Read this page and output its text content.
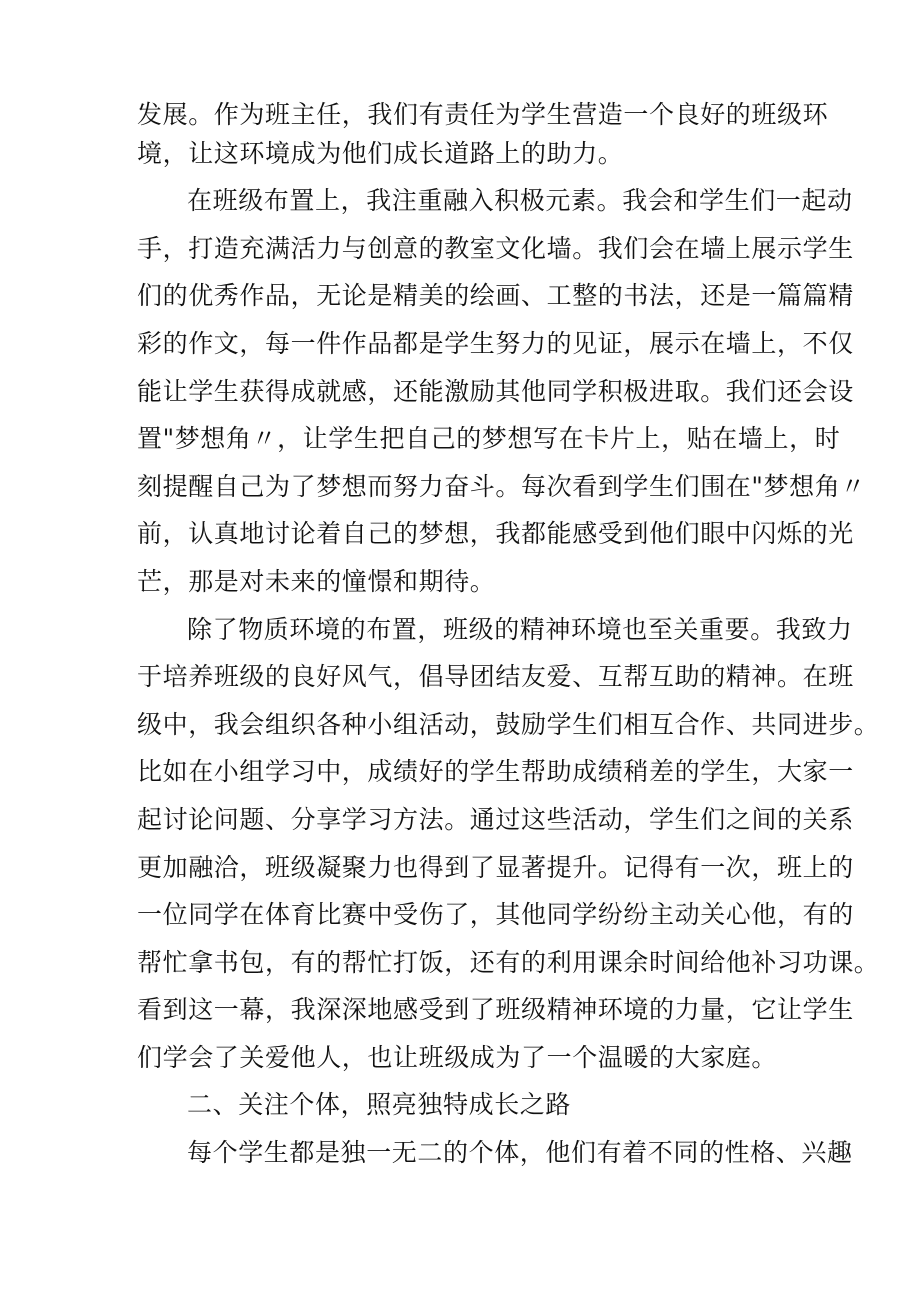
发展。作为班主任，我们有责任为学生营造一个良好的班级环
境，让这环境成为他们成长道路上的助力。
在班级布置上，我注重融入积极元素。我会和学生们一起动
手，打造充满活力与创意的教室文化墙。我们会在墙上展示学生
们的优秀作品，无论是精美的绘画、工整的书法，还是一篇篇精
彩的作文，每一件作品都是学生努力的见证，展示在墙上，不仅
能让学生获得成就感，还能激励其他同学积极进取。我们还会设
置"梦想角〃，让学生把自己的梦想写在卡片上，贴在墙上，时
刻提醒自己为了梦想而努力奋斗。每次看到学生们围在"梦想角〃
前，认真地讨论着自己的梦想，我都能感受到他们眼中闪烁的光
芒，那是对未来的憧憬和期待。
除了物质环境的布置，班级的精神环境也至关重要。我致力
于培养班级的良好风气，倡导团结友爱、互帮互助的精神。在班
级中，我会组织各种小组活动，鼓励学生们相互合作、共同进步。
比如在小组学习中，成绩好的学生帮助成绩稍差的学生，大家一
起讨论问题、分享学习方法。通过这些活动，学生们之间的关系
更加融洽，班级凝聚力也得到了显著提升。记得有一次，班上的
一位同学在体育比赛中受伤了，其他同学纷纷主动关心他，有的
帮忙拿书包，有的帮忙打饭，还有的利用课余时间给他补习功课。
看到这一幕，我深深地感受到了班级精神环境的力量，它让学生
们学会了关爱他人，也让班级成为了一个温暖的大家庭。
二、关注个体，照亮独特成长之路
每个学生都是独一无二的个体，他们有着不同的性格、兴趣
